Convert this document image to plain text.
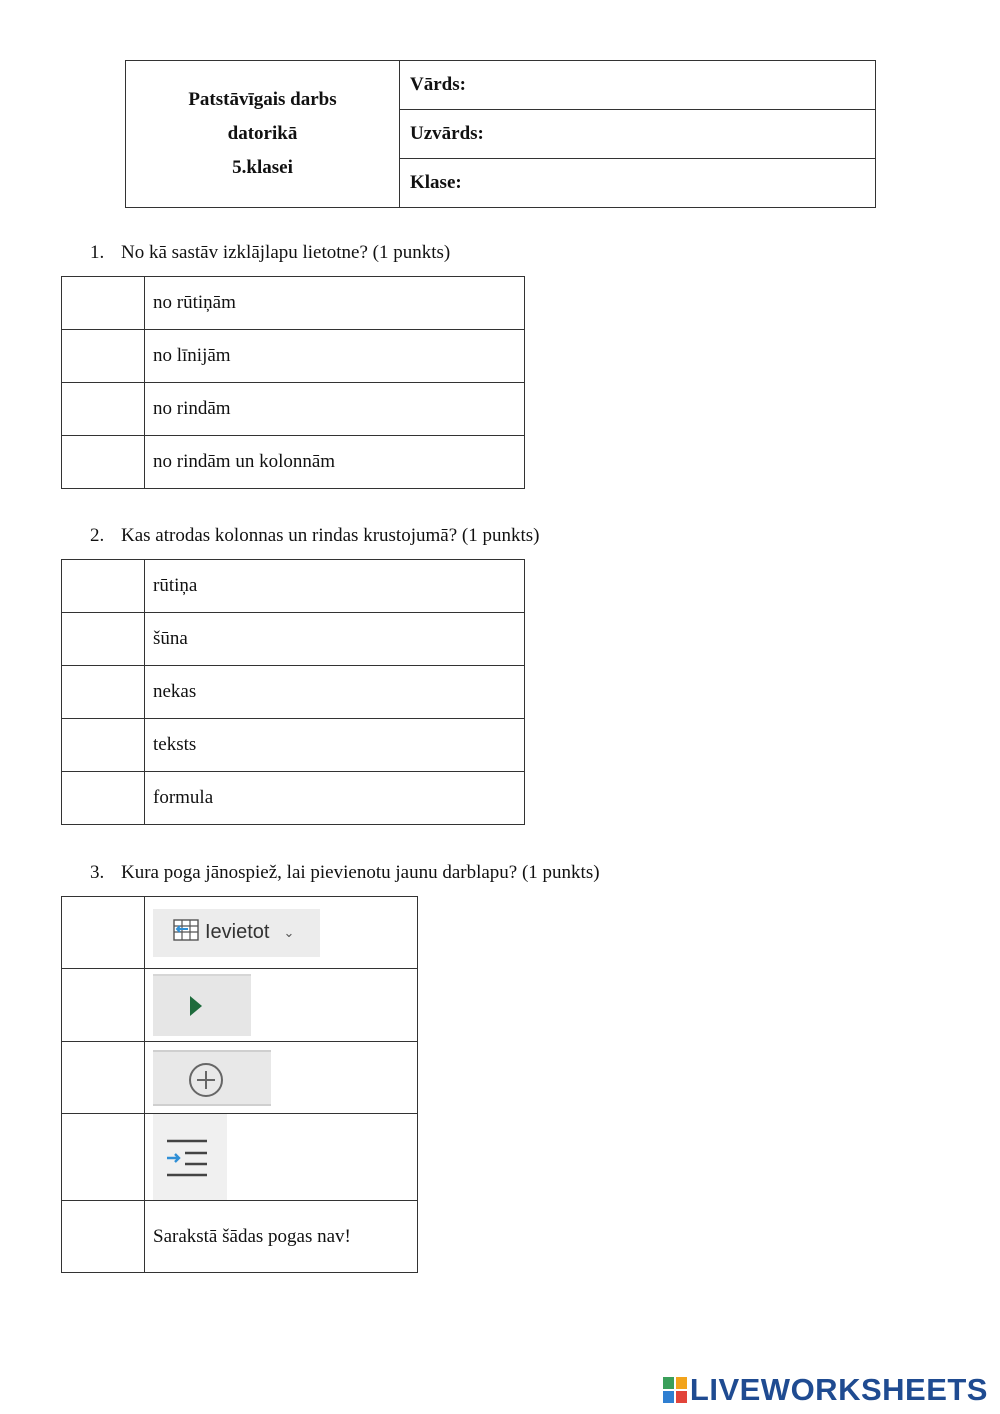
Patstāvīgais darbs
datorikā
5.klasei
	Vārds:
Uzvārds:
Klase:
1. No kā sastāv izklājlapu lietotne? (1 punkts)
	no rūtiņām
	no līnijām
	no rindām
	no rindām un kolonnām
2. Kas atrodas kolonnas un rindas krustojumā? (1 punkts)
	rūtiņa
	šūna
	nekas
	teksts
	formula
3. Kura poga jānospiež, lai pievienotu jaunu darblapu? (1 punkts)

	Ievietot ⌄

	Sarakstā šādas pogas nav!
LIVEWORKSHEETS
